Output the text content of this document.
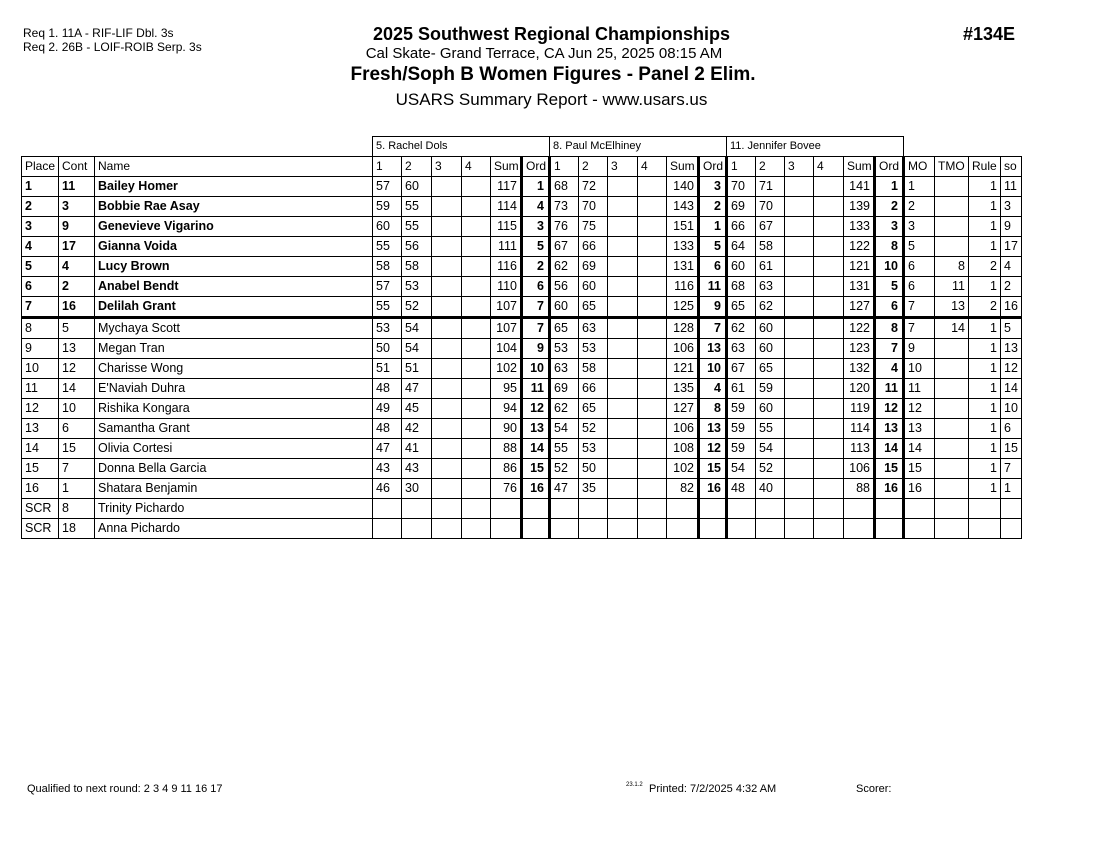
Req 1. 11A - RIF-LIF Dbl. 3s
Req 2. 26B - LOIF-ROIB Serp. 3s
2025 Southwest Regional Championships
Cal Skate- Grand Terrace, CA Jun 25, 2025 08:15 AM
Fresh/Soph B Women Figures - Panel 2 Elim.
USARS Summary Report - www.usars.us
#134E
			5. Rachel Dols						8. Paul McElhiney						11. Jennifer Bovee									
Place	Cont	Name	1	2	3	4	Sum	Ord	1	2	3	4	Sum	Ord	1	2	3	4	Sum	Ord	MO	TMO	Rule	so
1	11	Bailey Homer	57	60			117	1	68	72			140	3	70	71			141	1	1		1	11
2	3	Bobbie Rae Asay	59	55			114	4	73	70			143	2	69	70			139	2	2		1	3
3	9	Genevieve Vigarino	60	55			115	3	76	75			151	1	66	67			133	3	3		1	9
4	17	Gianna Voida	55	56			111	5	67	66			133	5	64	58			122	8	5		1	17
5	4	Lucy Brown	58	58			116	2	62	69			131	6	60	61			121	10	6	8	2	4
6	2	Anabel Bendt	57	53			110	6	56	60			116	11	68	63			131	5	6	11	1	2
7	16	Delilah Grant	55	52			107	7	60	65			125	9	65	62			127	6	7	13	2	16
8	5	Mychaya Scott	53	54			107	7	65	63			128	7	62	60			122	8	7	14	1	5
9	13	Megan Tran	50	54			104	9	53	53			106	13	63	60			123	7	9		1	13
10	12	Charisse Wong	51	51			102	10	63	58			121	10	67	65			132	4	10		1	12
11	14	E'Naviah Duhra	48	47			95	11	69	66			135	4	61	59			120	11	11		1	14
12	10	Rishika Kongara	49	45			94	12	62	65			127	8	59	60			119	12	12		1	10
13	6	Samantha Grant	48	42			90	13	54	52			106	13	59	55			114	13	13		1	6
14	15	Olivia Cortesi	47	41			88	14	55	53			108	12	59	54			113	14	14		1	15
15	7	Donna Bella Garcia	43	43			86	15	52	50			102	15	54	52			106	15	15		1	7
16	1	Shatara Benjamin	46	30			76	16	47	35			82	16	48	40			88	16	16		1	1
SCR	8	Trinity Pichardo																						
SCR	18	Anna Pichardo																						
Qualified to next round: 2 3 4 9 11 16 17	23.1.2 Printed: 7/2/2025 4:32 AM	Scorer:
